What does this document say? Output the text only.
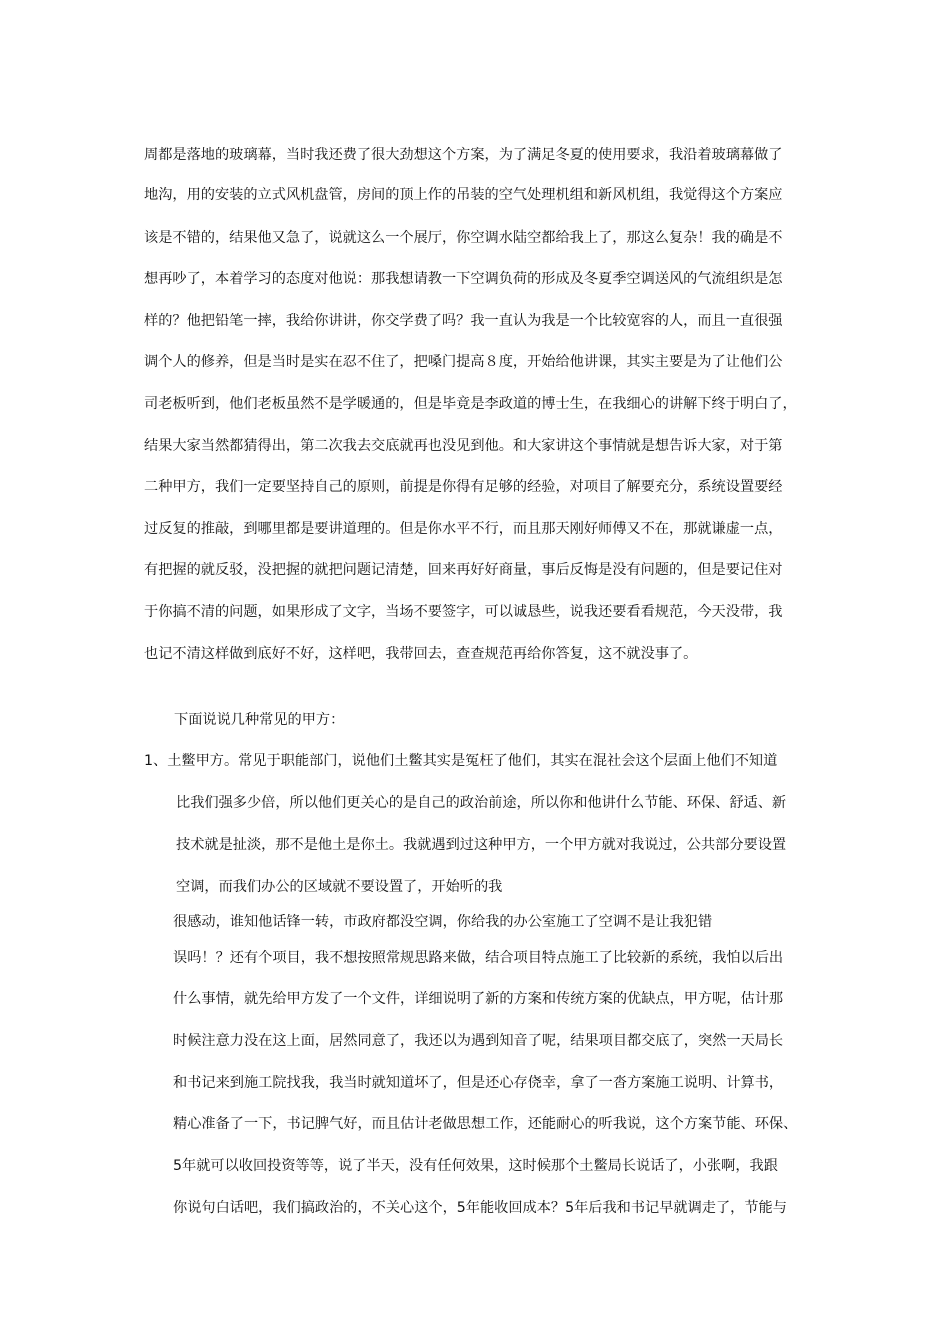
周都是落地的玻璃幕，当时我还费了很大劲想这个方案，为了满足冬夏的使用要求，我沿着玻璃幕做了
地沟，用的安装的立式风机盘管，房间的顶上作的吊装的空气处理机组和新风机组，我觉得这个方案应
该是不错的，结果他又急了，说就这么一个展厅，你空调水陆空都给我上了，那这么复杂！我的确是不
想再吵了，本着学习的态度对他说：那我想请教一下空调负荷的形成及冬夏季空调送风的气流组织是怎
样的？他把铅笔一摔，我给你讲讲，你交学费了吗？我一直认为我是一个比较宽容的人，而且一直很强
调个人的修养，但是当时是实在忍不住了，把嗓门提高８度，开始给他讲课，其实主要是为了让他们公
司老板听到，他们老板虽然不是学暖通的，但是毕竟是李政道的博士生，在我细心的讲解下终于明白了，
结果大家当然都猜得出，第二次我去交底就再也没见到他。和大家讲这个事情就是想告诉大家，对于第
二种甲方，我们一定要坚持自己的原则，前提是你得有足够的经验，对项目了解要充分，系统设置要经
过反复的推敲，到哪里都是要讲道理的。但是你水平不行，而且那天刚好师傅又不在，那就谦虚一点，
有把握的就反驳，没把握的就把问题记清楚，回来再好好商量，事后反悔是没有问题的，但是要记住对
于你搞不清的问题，如果形成了文字，当场不要签字，可以诚恳些，说我还要看看规范，今天没带，我
也记不清这样做到底好不好，这样吧，我带回去，查查规范再给你答复，这不就没事了。
下面说说几种常见的甲方：
1、土鳖甲方。常见于职能部门，说他们土鳖其实是冤枉了他们，其实在混社会这个层面上他们不知道
比我们强多少倍，所以他们更关心的是自己的政治前途，所以你和他讲什么节能、环保、舒适、新
技术就是扯淡，那不是他土是你土。我就遇到过这种甲方，一个甲方就对我说过，公共部分要设置
空调，而我们办公的区域就不要设置了，开始听的我
很感动，谁知他话锋一转，市政府都没空调，你给我的办公室施工了空调不是让我犯错
误吗！？还有个项目，我不想按照常规思路来做，结合项目特点施工了比较新的系统，我怕以后出
什么事情，就先给甲方发了一个文件，详细说明了新的方案和传统方案的优缺点，甲方呢，估计那
时候注意力没在这上面，居然同意了，我还以为遇到知音了呢，结果项目都交底了，突然一天局长
和书记来到施工院找我，我当时就知道坏了，但是还心存侥幸，拿了一沓方案施工说明、计算书，
精心准备了一下，书记脾气好，而且估计老做思想工作，还能耐心的听我说，这个方案节能、环保、
5年就可以收回投资等等，说了半天，没有任何效果，这时候那个土鳖局长说话了，小张啊，我跟
你说句白话吧，我们搞政治的，不关心这个，5年能收回成本？5年后我和书记早就调走了，节能与
